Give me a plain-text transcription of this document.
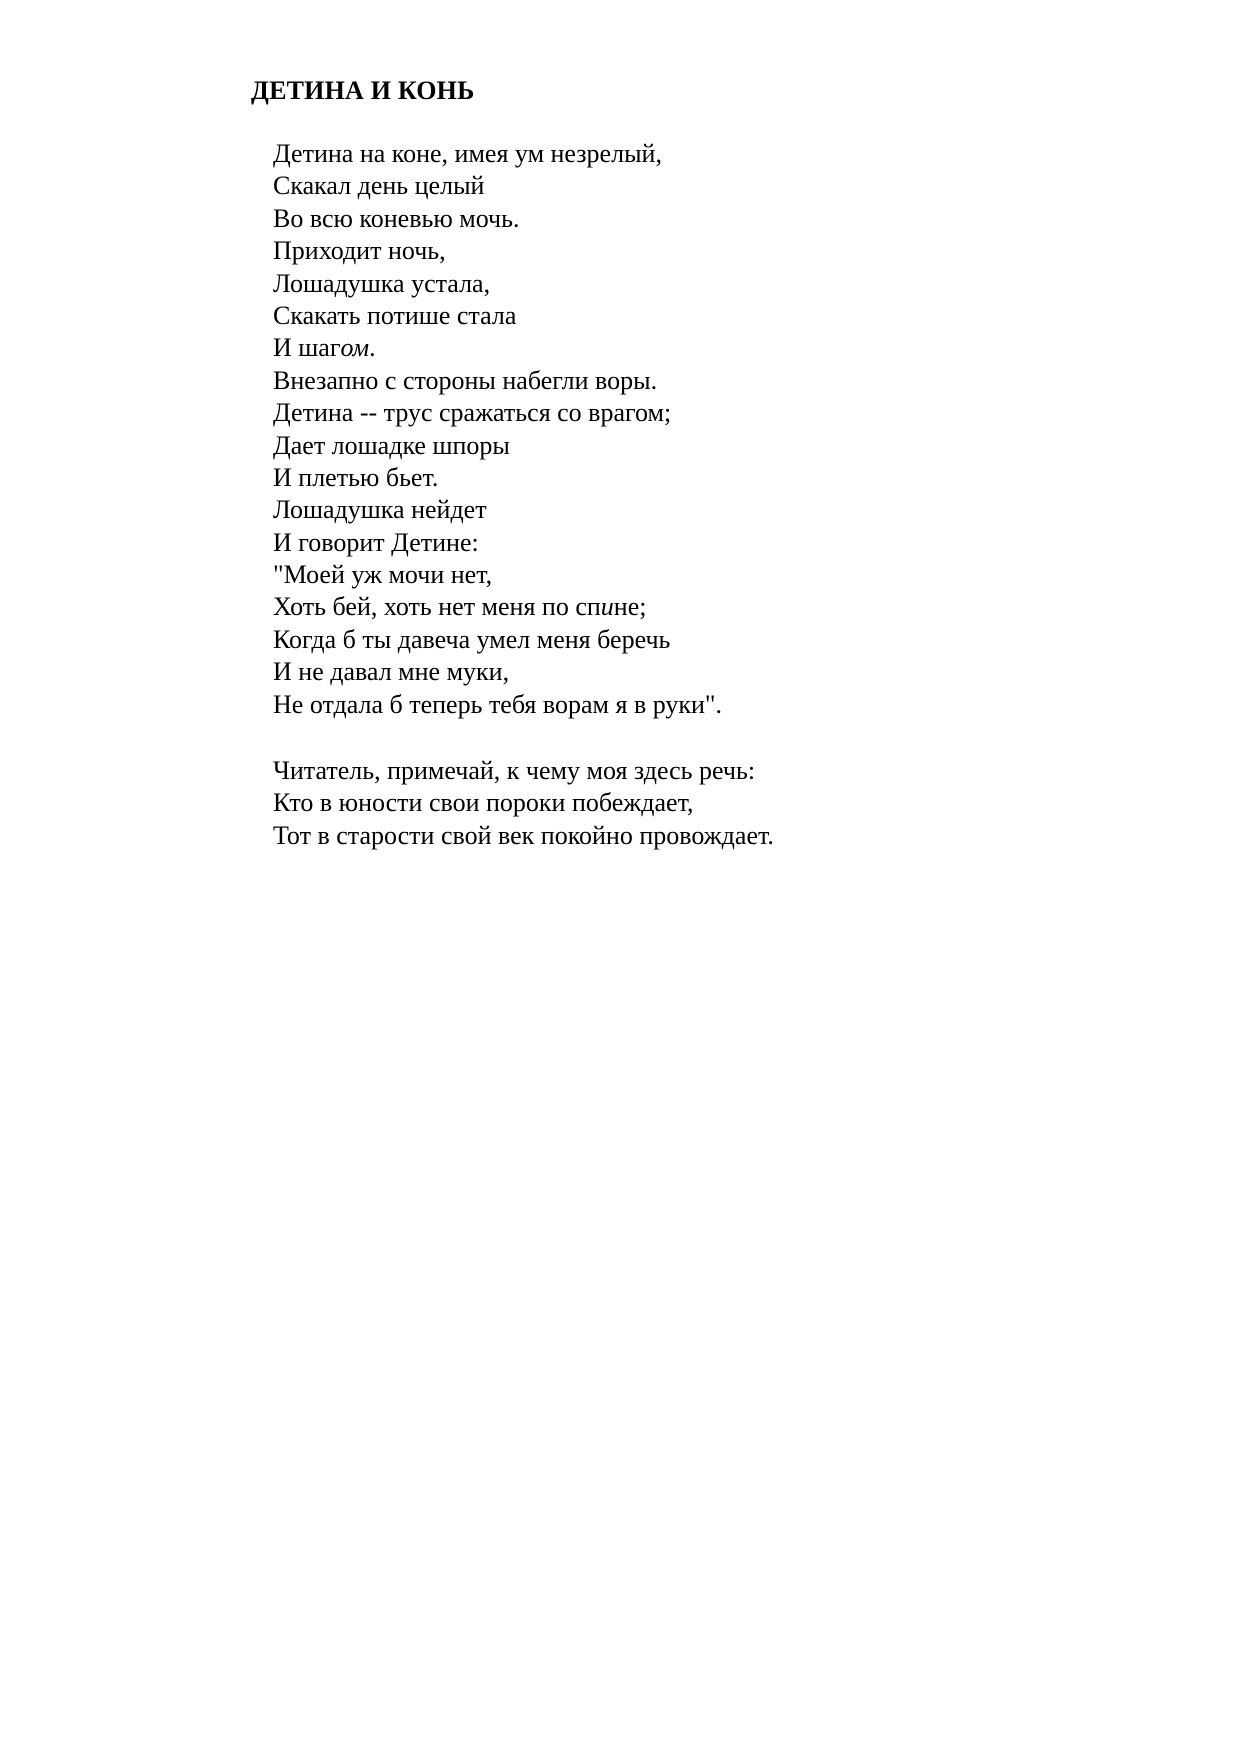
ДЕТИНА И КОНЬ
Детина на коне, имея ум незрелый,
Скакал день целый
Во всю коневью мочь.
Приходит ночь,
Лошадушка устала,
Скакать потише стала
И шагом.
Внезапно с стороны набегли воры.
Детина -- трус сражаться со врагом;
Дает лошадке шпоры
И плетью бьет.
Лошадушка нейдет
И говорит Детине:
"Моей уж мочи нет,
Хоть бей, хоть нет меня по спине;
Когда б ты давеча умел меня беречь
И не давал мне муки,
Не отдала б теперь тебя ворам я в руки".
Читатель, примечай, к чему моя здесь речь:
Кто в юности свои пороки побеждает,
Тот в старости свой век покойно провождает.
